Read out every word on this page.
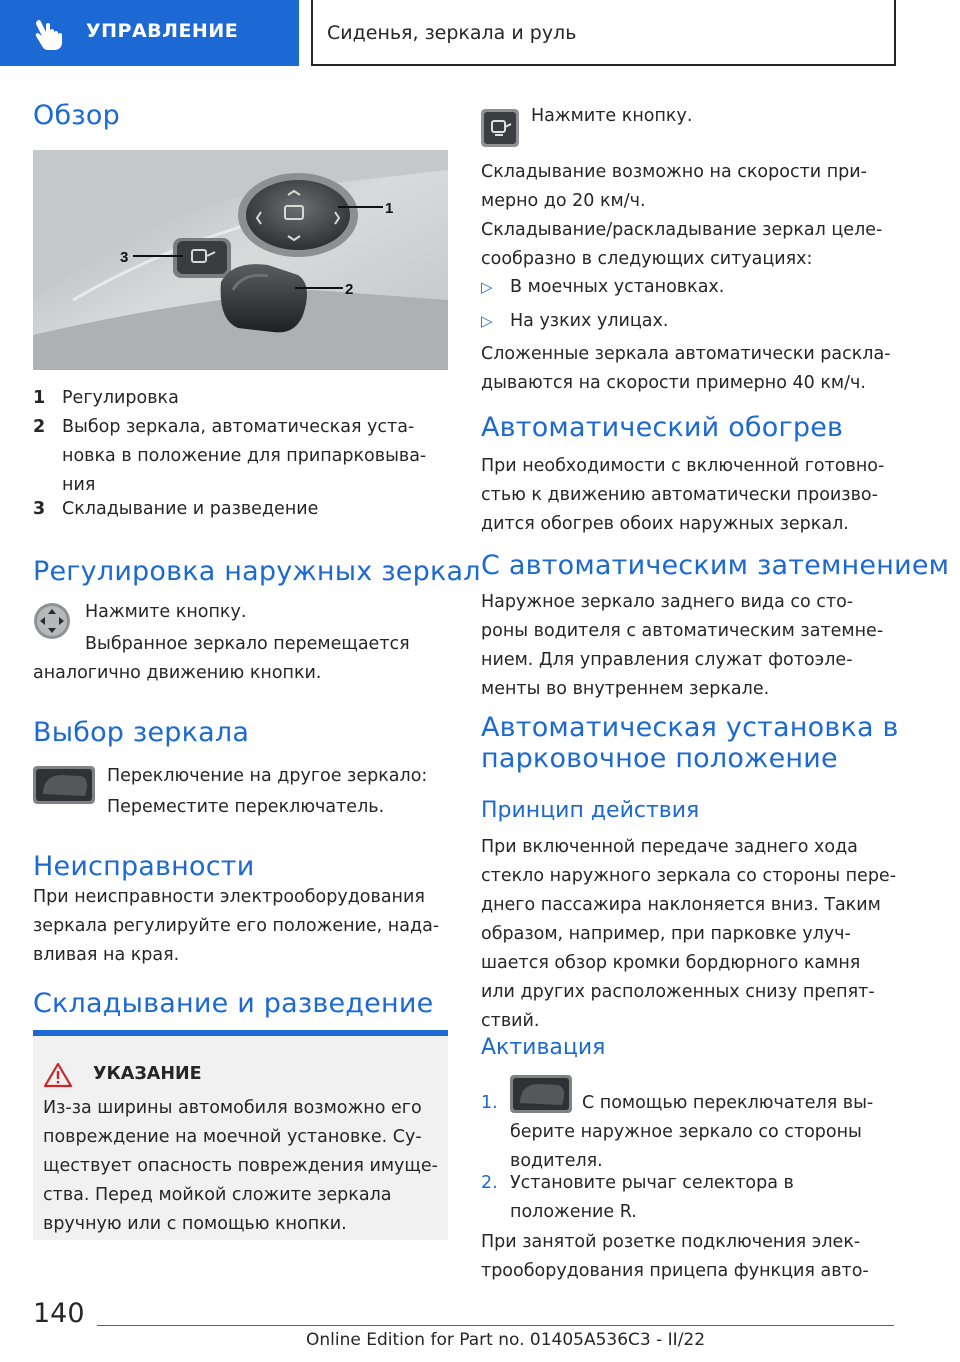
УПРАВЛЕНИЕ	Сиденья, зеркала и руль
Обзор
1
2
3
1 Регулировка
2 Выбор зеркала, автоматическая уста-новка в положение для припарковыва-ния
3 Складывание и разведение
Регулировка наружных зеркал
Нажмите кнопку.
Выбранное зеркало перемещается
аналогично движению кнопки.
Выбор зеркала
Переключение на другое зеркало:
Переместите переключатель.
Неисправности
При неисправности электрооборудования зеркала регулируйте его положение, нада-вливая на края.
Складывание и разведение
УКАЗАНИЕ
Из-за ширины автомобиля возможно его повреждение на моечной установке. Су-ществует опасность повреждения имуще-ства. Перед мойкой сложите зеркала вручную или с помощью кнопки.
Нажмите кнопку.
Складывание возможно на скорости при-мерно до 20 км/ч.
Складывание/раскладывание зеркал целе-сообразно в следующих ситуациях:
▷ В моечных установках.
▷ На узких улицах.
Сложенные зеркала автоматически раскла-дываются на скорости примерно 40 км/ч.
Автоматический обогрев
При необходимости с включенной готовно-стью к движению автоматически произво-дится обогрев обоих наружных зеркал.
С автоматическим затемнением
Наружное зеркало заднего вида со сто-роны водителя с автоматическим затемне-нием. Для управления служат фотоэле-менты во внутреннем зеркале.
Автоматическая установка в
парковочное положение
Принцип действия
При включенной передаче заднего хода стекло наружного зеркала со стороны пере-днего пассажира наклоняется вниз. Таким образом, например, при парковке улуч-шается обзор кромки бордюрного камня или других расположенных снизу препят-ствий.
Активация
1.	С помощью переключателя вы-берите наружное зеркало со стороны водителя.
2. Установите рычаг селектора в положение R.
При занятой розетке подключения элек-трооборудования прицепа функция авто-
140
Online Edition for Part no. 01405A536C3 - II/22
